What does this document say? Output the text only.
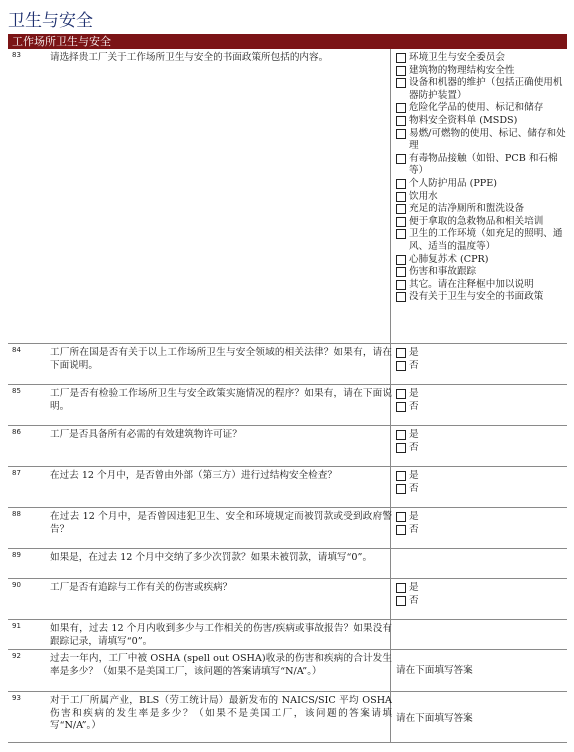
卫生与安全
工作场所卫生与安全
83	请选择贵工厂关于工作场所卫生与安全的书面政策所包括的内容。	环境卫生与安全委员会
建筑物的物理结构安全性
设备和机器的维护（包括正确使用机器防护装置）
危险化学品的使用、标记和储存
物料安全资料单 (MSDS)
易燃/可燃物的使用、标记、储存和处理
有毒物品接触（如铅、PCB 和石棉等）
个人防护用品 (PPE)
饮用水
充足的洁净厕所和盥洗设备
便于拿取的急救物品和相关培训
卫生的工作环境（如充足的照明、通风、适当的温度等）
心肺复苏术 (CPR)
伤害和事故跟踪
其它。请在注释框中加以说明
没有关于卫生与安全的书面政策
84	工厂所在国是否有关于以上工作场所卫生与安全领域的相关法律？如果有，请在下面说明。
是
否
85	工厂是否有检验工作场所卫生与安全政策实施情况的程序？如果有，请在下面说明。
是
否
86	工厂是否具备所有必需的有效建筑物许可证？	是
否
87	在过去 12 个月中，是否曾由外部（第三方）进行过结构安全检查？	是
否
88	在过去 12 个月中，是否曾因违犯卫生、安全和环境规定而被罚款或受到政府警告？
是
否
89	如果是，在过去 12 个月中交纳了多少次罚款？如果未被罚款，请填写“0”。
90	工厂是否有追踪与工作有关的伤害或疾病？	是
否
91	如果有，过去 12 个月内收到多少与工作相关的伤害/疾病或事故报告？如果没有跟踪记录，请填写“0”。
92	过去一年内，工厂中被 OSHA (spell out OSHA)收录的伤害和疾病的合计发生率是多少？（如果不是美国工厂，该问题的答案请填写“N/A”。）	请在下面填写答案
93	对于工厂所属产业，BLS（劳工统计局）最新发布的 NAICS/SIC 平均 OSHA 伤害和疾病的发生率是多少？（如果不是美国工厂，该问题的答案请填写“N/A”。）
请在下面填写答案
